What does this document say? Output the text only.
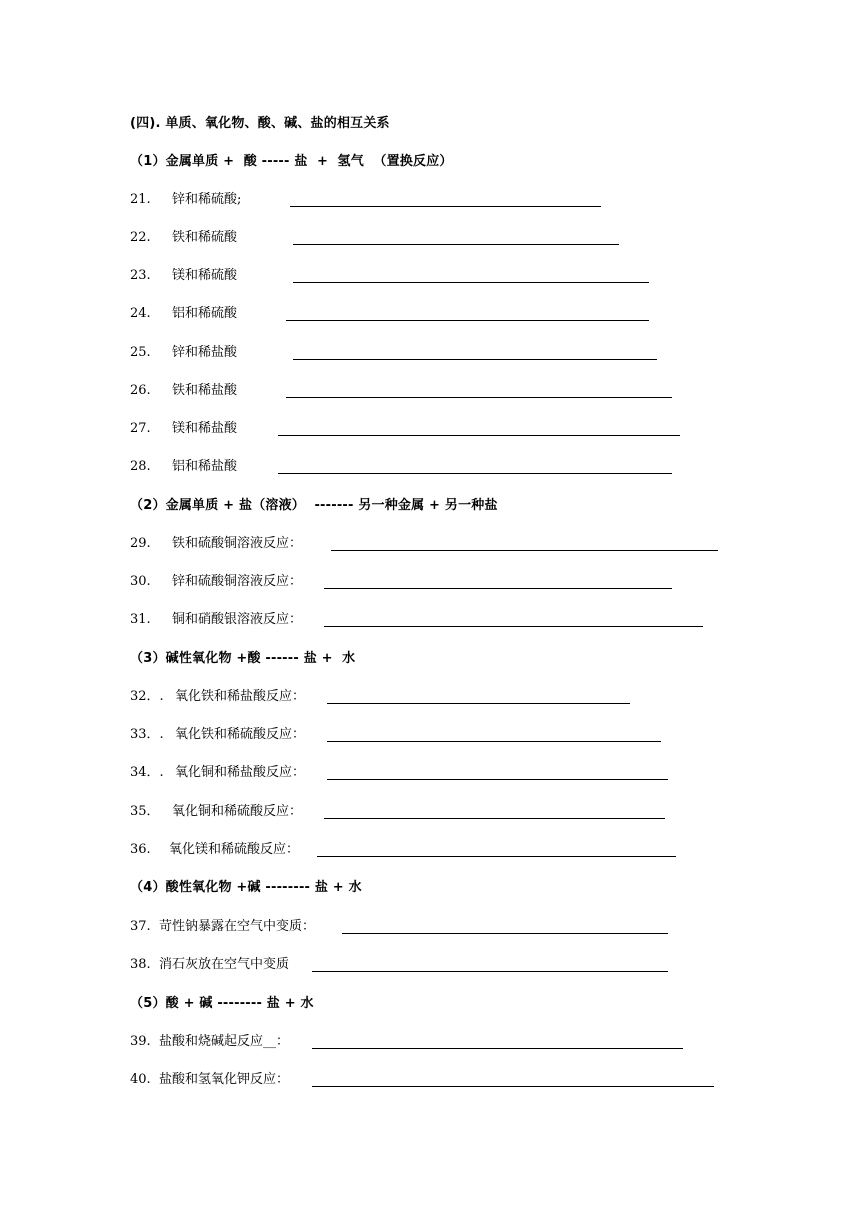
(四). 单质、氧化物、酸、碱、盐的相互关系
（1）金属单质 +  酸 ----- 盐  +  氢气  （置换反应）
21. 锌和稀硫酸;
22. 铁和稀硫酸
23. 镁和稀硫酸
24. 铝和稀硫酸
25. 锌和稀盐酸
26. 铁和稀盐酸
27. 镁和稀盐酸
28. 铝和稀盐酸
（2）金属单质 + 盐（溶液）  ------- 另一种金属 + 另一种盐
29. 铁和硫酸铜溶液反应：
30. 锌和硫酸铜溶液反应：
31. 铜和硝酸银溶液反应：
（3）碱性氧化物 +酸 ------ 盐 +  水
32．. 氧化铁和稀盐酸反应：
33．. 氧化铁和稀硫酸反应：
34．. 氧化铜和稀盐酸反应：
35． 氧化铜和稀硫酸反应：
36. 氧化镁和稀硫酸反应：
（4）酸性氧化物 +碱 -------- 盐 + 水
37. 苛性钠暴露在空气中变质：
38. 消石灰放在空气中变质
（5）酸 + 碱 -------- 盐 + 水
39. 盐酸和烧碱起反应__：
40. 盐酸和氢氧化钾反应：
